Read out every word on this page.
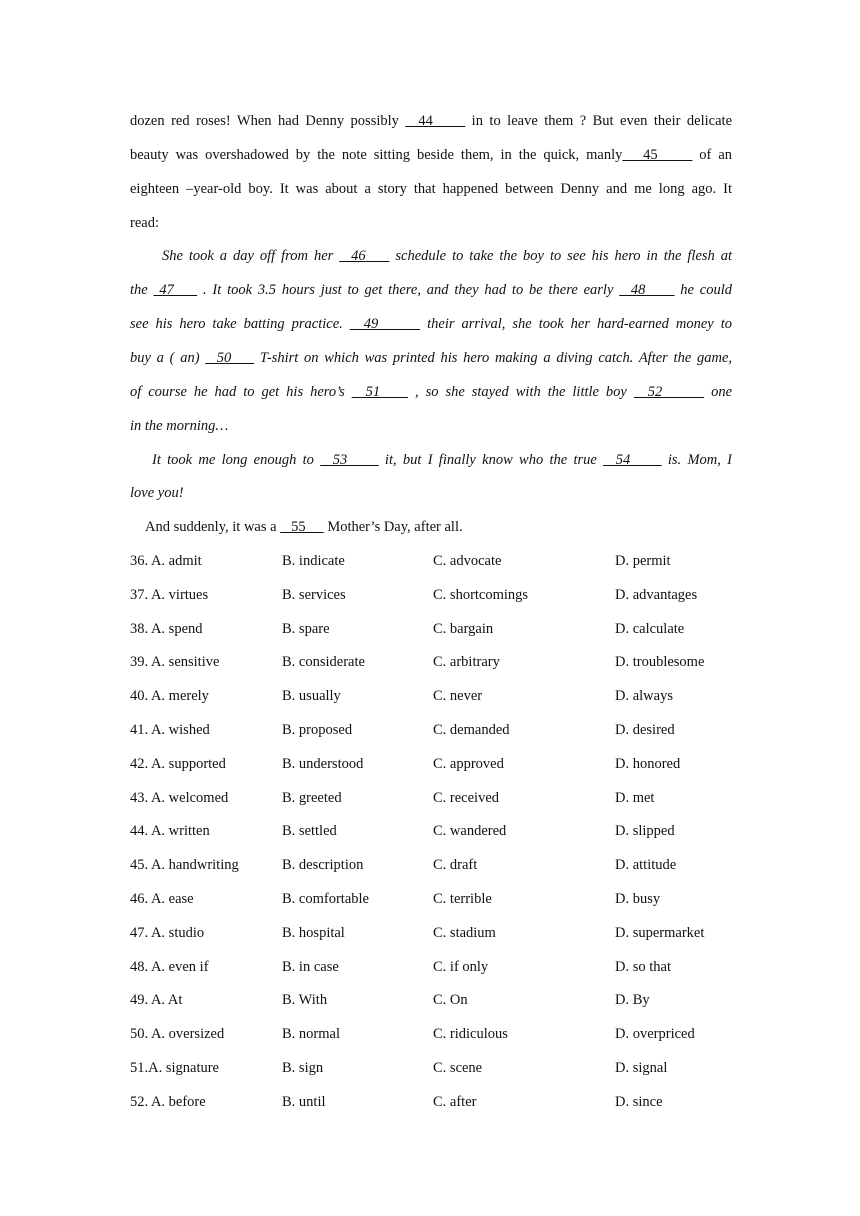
dozen red roses! When had Denny possibly   44      in to leave them ? But even their delicate
beauty was overshadowed by the note sitting beside them, in the quick, manly   45      of an
eighteen –year-old boy. It was about a story that happened between Denny and me long ago. It
read:
She took a day off from her   46     schedule to take the boy to see his hero in the flesh at
the  47     . It took 3.5 hours just to get there, and they had to be there early   48      he could
see his hero take batting practice.   49       their arrival, she took her hard-earned money to
buy a ( an)   50     T-shirt on which was printed his hero making a diving catch. After the game,
of course he had to get his hero’s   51     , so she stayed with the little boy   52       one
in the morning…
It took me long enough to   53      it, but I finally know who the true   54      is. Mom, I
love you!
And suddenly, it was a    55      Mother’s Day, after all.
36. A. admit	B. indicate	C. advocate	D. permit
37. A. virtues	B. services	C. shortcomings	D. advantages
38. A. spend	B. spare	C. bargain	D. calculate
39. A. sensitive	B. considerate	C. arbitrary	D. troublesome
40. A. merely	B. usually	C. never	D. always
41. A. wished	B. proposed	C. demanded	D. desired
42. A. supported	B. understood	C. approved	D. honored
43. A. welcomed	B. greeted	C. received	D. met
44. A. written	B. settled	C. wandered	D. slipped
45. A. handwriting	B. description	C. draft	D. attitude
46. A. ease	B. comfortable	C. terrible	D. busy
47. A. studio	B. hospital	C. stadium	D. supermarket
48. A. even if	B. in case	C. if only	D. so that
49. A. At	B. With	C. On	D. By
50. A. oversized	B. normal	C. ridiculous	D. overpriced
51.A. signature	B. sign	C. scene	D. signal
52. A. before	B. until	C. after	D. since
